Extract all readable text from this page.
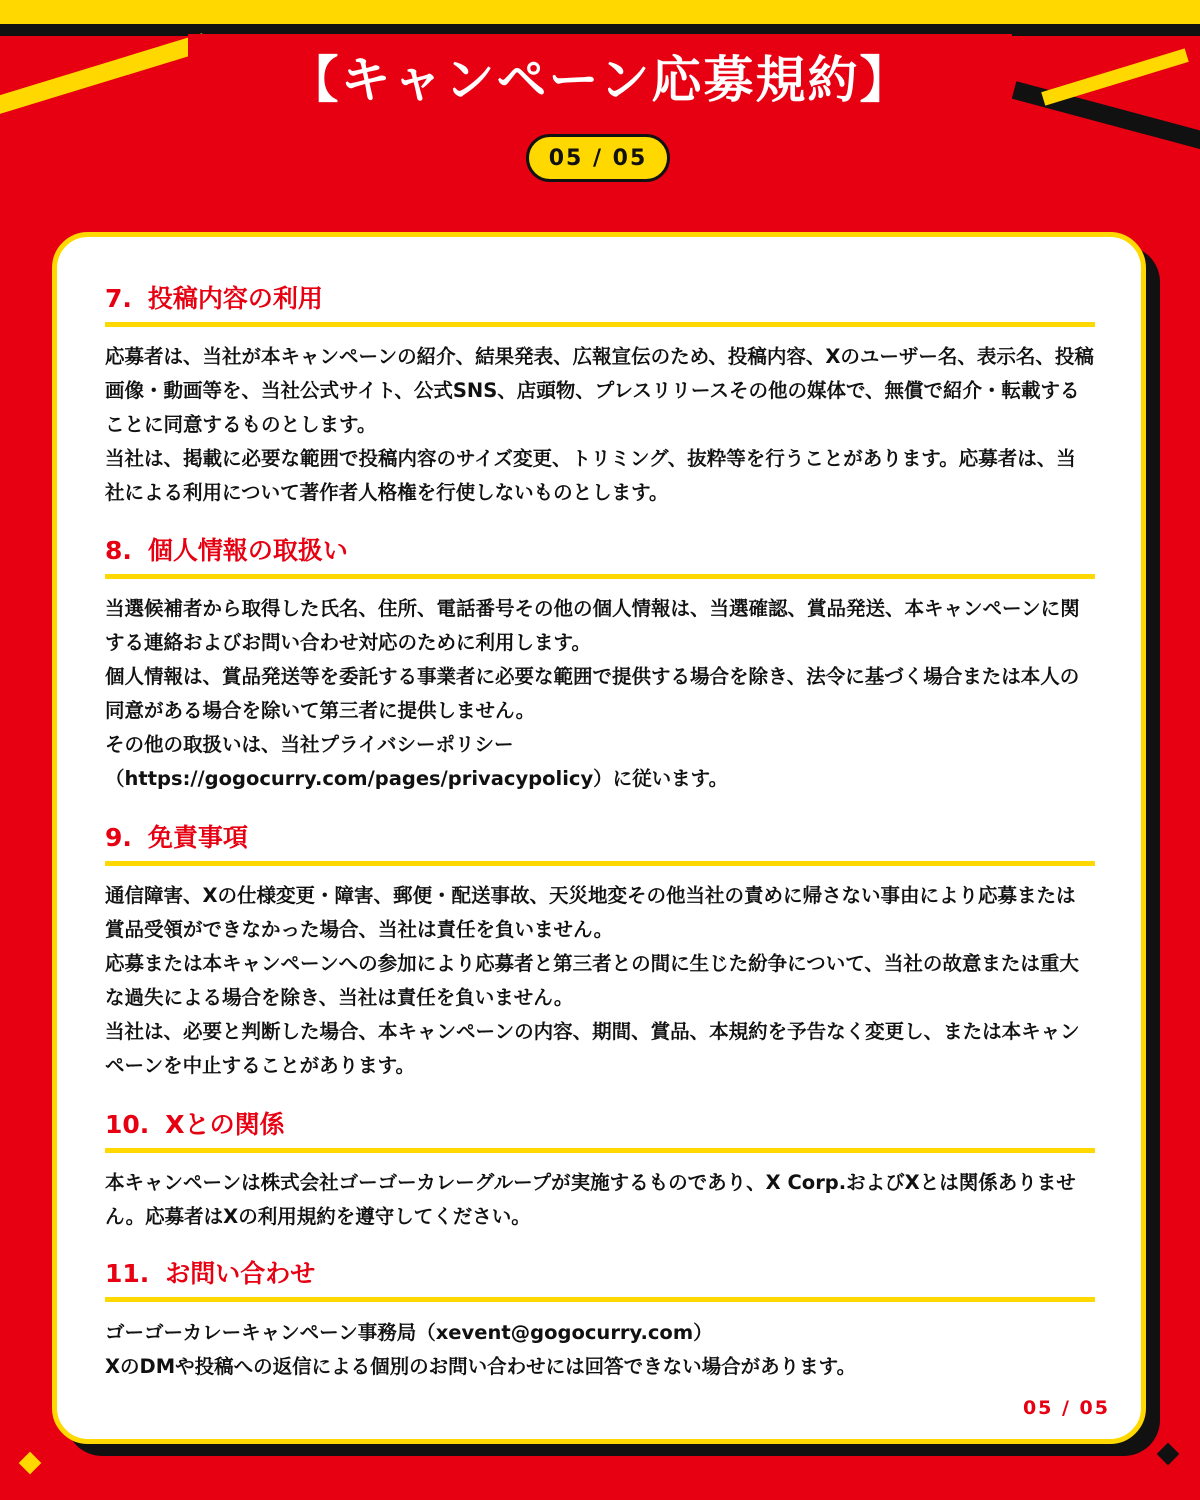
【キャンペーン応募規約】
05 / 05
7. 投稿内容の利用

応募者は、当社が本キャンペーンの紹介、結果発表、広報宣伝のため、投稿内容、Xのユーザー名、表示名、投稿画像・動画等を、当社公式サイト、公式SNS、店頭物、プレスリリースその他の媒体で、無償で紹介・転載することに同意するものとします。

当社は、掲載に必要な範囲で投稿内容のサイズ変更、トリミング、抜粋等を行うことがあります。応募者は、当社による利用について著作者人格権を行使しないものとします。

8. 個人情報の取扱い

当選候補者から取得した氏名、住所、電話番号その他の個人情報は、当選確認、賞品発送、本キャンペーンに関する連絡およびお問い合わせ対応のために利用します。

個人情報は、賞品発送等を委託する事業者に必要な範囲で提供する場合を除き、法令に基づく場合または本人の同意がある場合を除いて第三者に提供しません。

その他の取扱いは、当社プライバシーポリシー

（https://gogocurry.com/pages/privacypolicy）に従います。

9. 免責事項

通信障害、Xの仕様変更・障害、郵便・配送事故、天災地変その他当社の責めに帰さない事由により応募または賞品受領ができなかった場合、当社は責任を負いません。

応募または本キャンペーンへの参加により応募者と第三者との間に生じた紛争について、当社の故意または重大な過失による場合を除き、当社は責任を負いません。

当社は、必要と判断した場合、本キャンペーンの内容、期間、賞品、本規約を予告なく変更し、または本キャンペーンを中止することがあります。

10. Xとの関係

本キャンペーンは株式会社ゴーゴーカレーグループが実施するものであり、X Corp.およびXとは関係ありません。応募者はXの利用規約を遵守してください。

11. お問い合わせ

ゴーゴーカレーキャンペーン事務局（xevent@gogocurry.com）

XのDMや投稿への返信による個別のお問い合わせには回答できない場合があります。

05 / 05
